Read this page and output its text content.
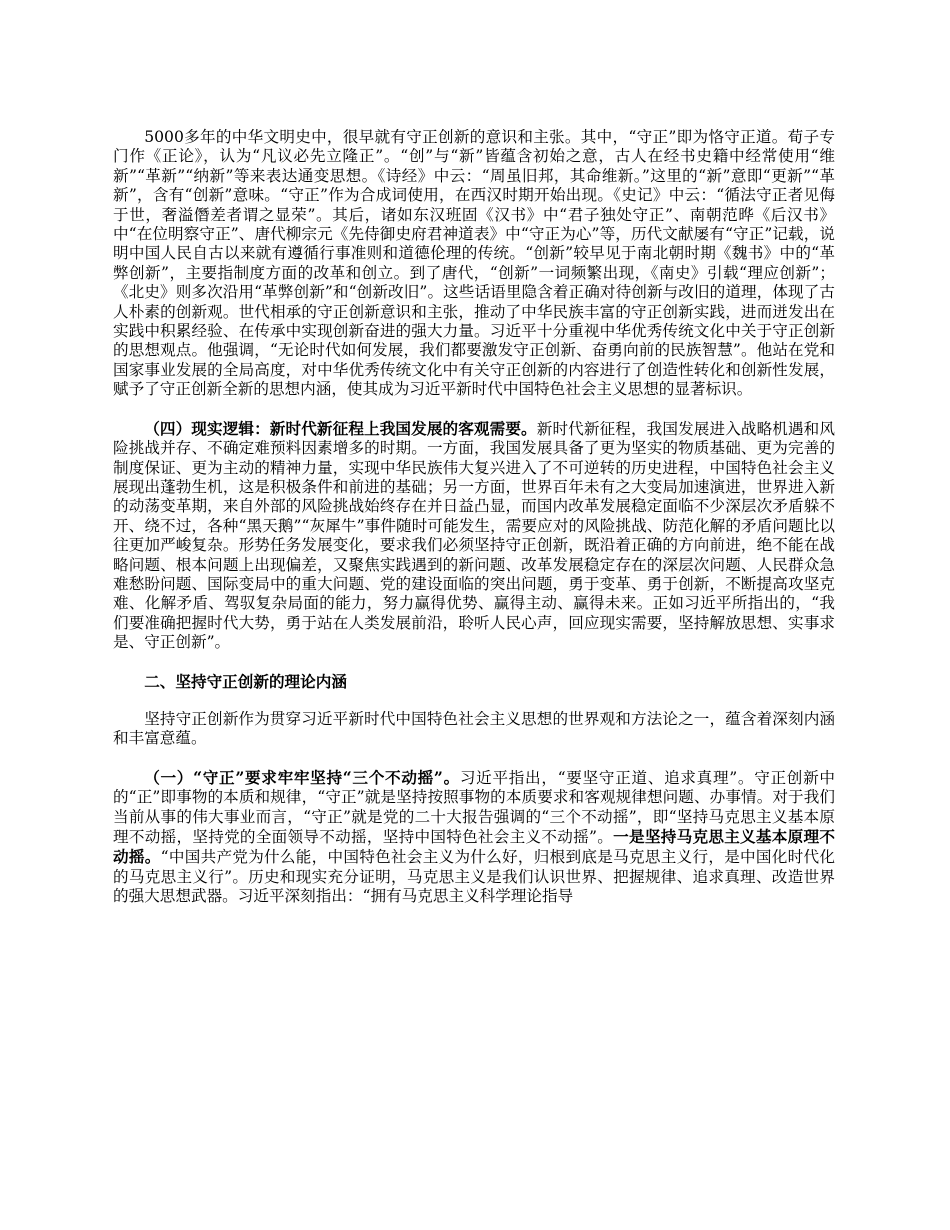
5000多年的中华文明史中，很早就有守正创新的意识和主张。其中，“守正”即为恪守正道。荀子专门作《正论》，认为“凡议必先立隆正”。“创”与“新”皆蕴含初始之意，古人在经书史籍中经常使用“维新”“革新”“纳新”等来表达通变思想。《诗经》中云：“周虽旧邦，其命维新。”这里的“新”意即“更新”“革新”，含有“创新”意味。“守正”作为合成词使用，在西汉时期开始出现。《史记》中云：“循法守正者见侮于世，奢溢僭差者谓之显荣”。其后，诸如东汉班固《汉书》中“君子独处守正”、南朝范晔《后汉书》中“在位明察守正”、唐代柳宗元《先侍御史府君神道表》中“守正为心”等，历代文献屡有“守正”记载，说明中国人民自古以来就有遵循行事准则和道德伦理的传统。“创新”较早见于南北朝时期《魏书》中的“革弊创新”，主要指制度方面的改革和创立。到了唐代，“创新”一词频繁出现，《南史》引载“理应创新”；《北史》则多次沿用“革弊创新”和“创新改旧”。这些话语里隐含着正确对待创新与改旧的道理，体现了古人朴素的创新观。世代相承的守正创新意识和主张，推动了中华民族丰富的守正创新实践，进而迸发出在实践中积累经验、在传承中实现创新奋进的强大力量。习近平十分重视中华优秀传统文化中关于守正创新的思想观点。他强调，“无论时代如何发展，我们都要激发守正创新、奋勇向前的民族智慧”。他站在党和国家事业发展的全局高度，对中华优秀传统文化中有关守正创新的内容进行了创造性转化和创新性发展，赋予了守正创新全新的思想内涵，使其成为习近平新时代中国特色社会主义思想的显著标识。

（四）现实逻辑：新时代新征程上我国发展的客观需要。新时代新征程，我国发展进入战略机遇和风险挑战并存、不确定难预料因素增多的时期。一方面，我国发展具备了更为坚实的物质基础、更为完善的制度保证、更为主动的精神力量，实现中华民族伟大复兴进入了不可逆转的历史进程，中国特色社会主义展现出蓬勃生机，这是积极条件和前进的基础；另一方面，世界百年未有之大变局加速演进，世界进入新的动荡变革期，来自外部的风险挑战始终存在并日益凸显，而国内改革发展稳定面临不少深层次矛盾躲不开、绕不过，各种“黑天鹅”“灰犀牛”事件随时可能发生，需要应对的风险挑战、防范化解的矛盾问题比以往更加严峻复杂。形势任务发展变化，要求我们必须坚持守正创新，既沿着正确的方向前进，绝不能在战略问题、根本问题上出现偏差，又聚焦实践遇到的新问题、改革发展稳定存在的深层次问题、人民群众急难愁盼问题、国际变局中的重大问题、党的建设面临的突出问题，勇于变革、勇于创新，不断提高攻坚克难、化解矛盾、驾驭复杂局面的能力，努力赢得优势、赢得主动、赢得未来。正如习近平所指出的，“我们要准确把握时代大势，勇于站在人类发展前沿，聆听人民心声，回应现实需要，坚持解放思想、实事求是、守正创新”。

二、坚持守正创新的理论内涵

坚持守正创新作为贯穿习近平新时代中国特色社会主义思想的世界观和方法论之一，蕴含着深刻内涵和丰富意蕴。

（一）“守正”要求牢牢坚持“三个不动摇”。习近平指出，“要坚守正道、追求真理”。守正创新中的“正”即事物的本质和规律，“守正”就是坚持按照事物的本质要求和客观规律想问题、办事情。对于我们当前从事的伟大事业而言，“守正”就是党的二十大报告强调的“三个不动摇”，即“坚持马克思主义基本原理不动摇，坚持党的全面领导不动摇，坚持中国特色社会主义不动摇”。一是坚持马克思主义基本原理不动摇。“中国共产党为什么能，中国特色社会主义为什么好，归根到底是马克思主义行，是中国化时代化的马克思主义行”。历史和现实充分证明，马克思主义是我们认识世界、把握规律、追求真理、改造世界的强大思想武器。习近平深刻指出：“拥有马克思主义科学理论指导
